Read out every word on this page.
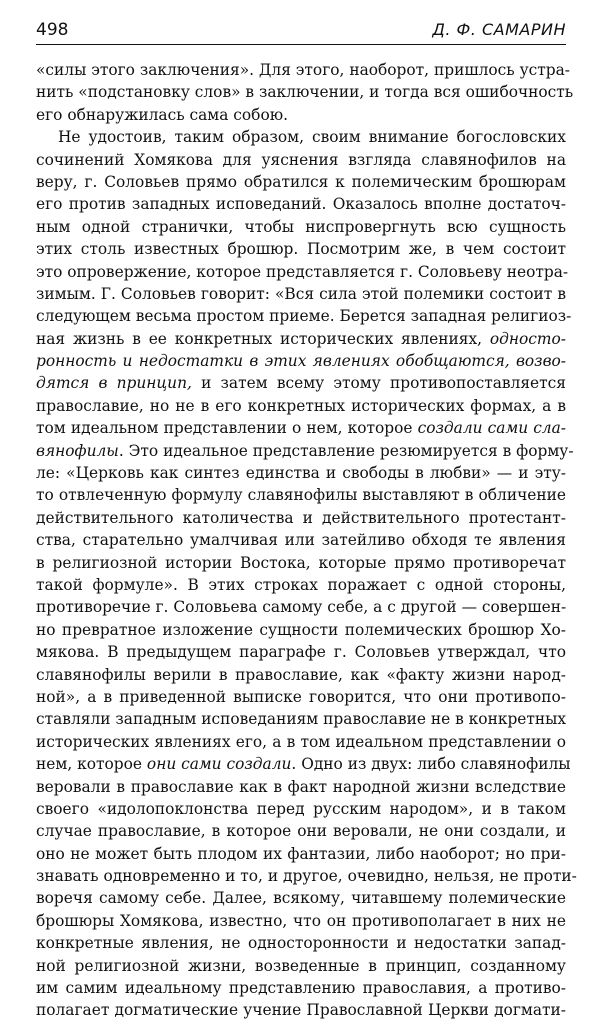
498	Д. Ф. САМАРИН
«силы этого заключения». Для этого, наоборот, пришлось устра-
нить «подстановку слов» в заключении, и тогда вся ошибочность
его обнаружилась сама собою.
Не удостоив, таким образом, своим внимание богословских
сочинений Хомякова для уяснения взгляда славянофилов на
веру, г. Соловьев прямо обратился к полемическим брошюрам
его против западных исповеданий. Оказалось вполне достаточ-
ным одной странички, чтобы ниспровергнуть всю сущность
этих столь известных брошюр. Посмотрим же, в чем состоит
это опровержение, которое представляется г. Соловьеву неотра-
зимым. Г. Соловьев говорит: «Вся сила этой полемики состоит в
следующем весьма простом приеме. Берется западная религиоз-
ная жизнь в ее конкретных исторических явлениях, односто-
ронность и недостатки в этих явлениях обобщаются, возво-
дятся в принцип, и затем всему этому противопоставляется
православие, но не в его конкретных исторических формах, а в
том идеальном представлении о нем, которое создали сами сла-
вянофилы. Это идеальное представление резюмируется в форму-
ле: «Церковь как синтез единства и свободы в любви» — и эту-
то отвлеченную формулу славянофилы выставляют в обличение
действительного католичества и действительного протестант-
ства, старательно умалчивая или затейливо обходя те явления
в религиозной истории Востока, которые прямо противоречат
такой формуле». В этих строках поражает с одной стороны,
противоречие г. Соловьева самому себе, а с другой — совершен-
но превратное изложение сущности полемических брошюр Хо-
мякова. В предыдущем параграфе г. Соловьев утверждал, что
славянофилы верили в православие, как «факту жизни народ-
ной», а в приведенной выписке говорится, что они противопо-
ставляли западным исповеданиям православие не в конкретных
исторических явлениях его, а в том идеальном представлении о
нем, которое они сами создали. Одно из двух: либо славянофилы
веровали в православие как в факт народной жизни вследствие
своего «идолопоклонства перед русским народом», и в таком
случае православие, в которое они веровали, не они создали, и
оно не может быть плодом их фантазии, либо наоборот; но при-
знавать одновременно и то, и другое, очевидно, нельзя, не проти-
воречя самому себе. Далее, всякому, читавшему полемические
брошюры Хомякова, известно, что он противополагает в них не
конкретные явления, не односторонности и недостатки запад-
ной религиозной жизни, возведенные в принцип, созданному
им самим идеальному представлению православия, а противо-
полагает догматические учение Православной Церкви догмати-
